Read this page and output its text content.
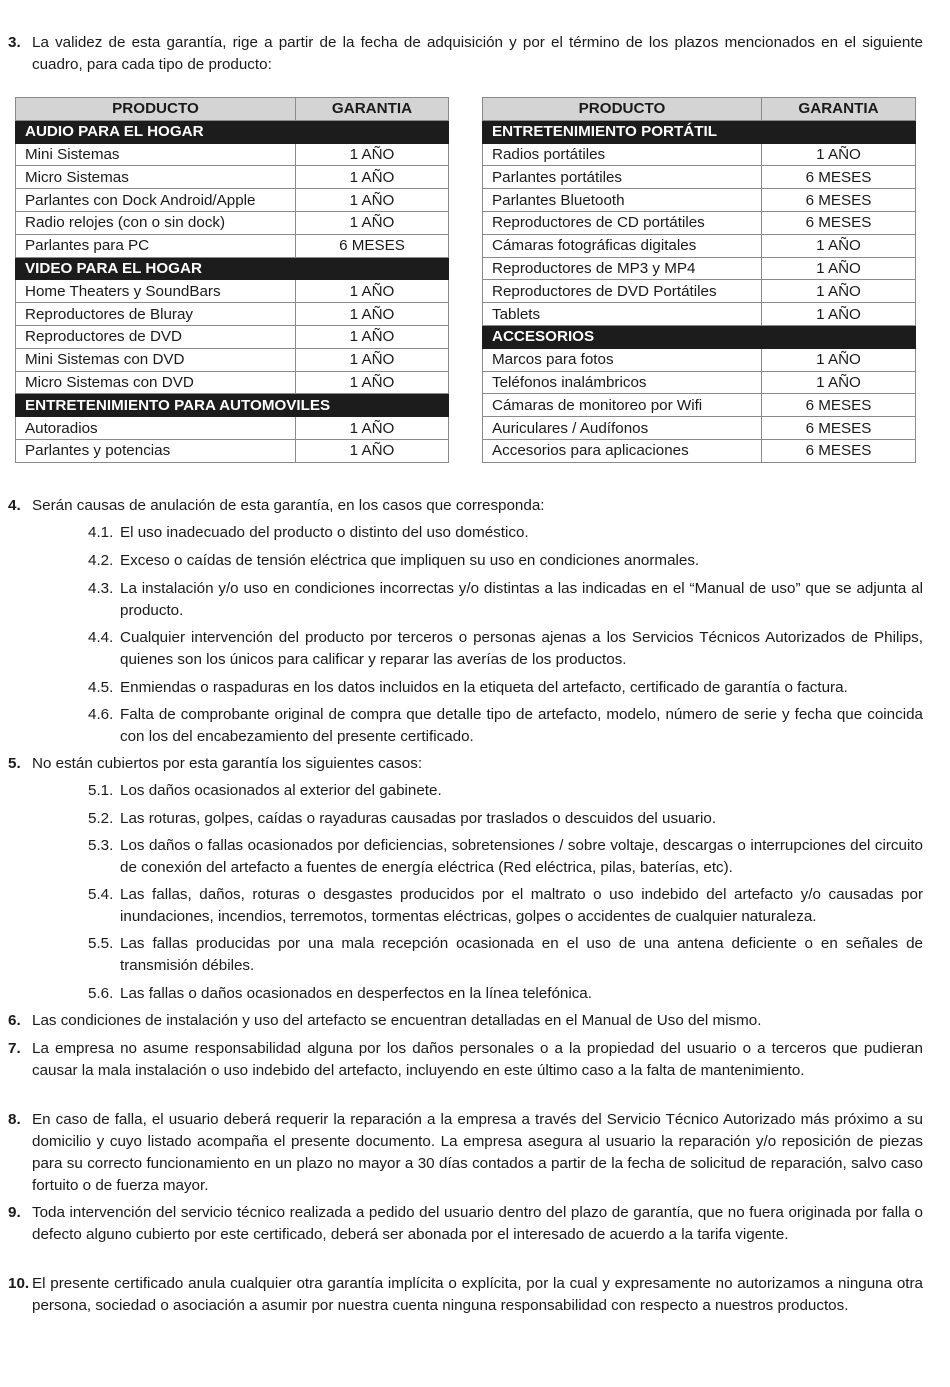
3. La validez de esta garantía, rige a partir de la fecha de adquisición y por el término de los plazos mencionados en el siguiente cuadro, para cada tipo de producto:
PRODUCTO	GARANTIA
AUDIO PARA EL HOGAR	
Mini Sistemas	1 AÑO
Micro Sistemas	1 AÑO
Parlantes con Dock Android/Apple	1 AÑO
Radio relojes (con o sin dock)	1 AÑO
Parlantes para PC	6 MESES
VIDEO PARA EL HOGAR	
Home Theaters y SoundBars	1 AÑO
Reproductores de Bluray	1 AÑO
Reproductores de DVD	1 AÑO
Mini Sistemas con DVD	1 AÑO
Micro Sistemas con DVD	1 AÑO
ENTRETENIMIENTO PARA AUTOMOVILES	
Autoradios	1 AÑO
Parlantes y potencias	1 AÑO
PRODUCTO	GARANTIA
ENTRETENIMIENTO PORTÁTIL	
Radios portátiles	1 AÑO
Parlantes portátiles	6 MESES
Parlantes Bluetooth	6 MESES
Reproductores de CD portátiles	6 MESES
Cámaras fotográficas digitales	1 AÑO
Reproductores de MP3 y MP4	1 AÑO
Reproductores de DVD Portátiles	1 AÑO
Tablets	1 AÑO
ACCESORIOS	
Marcos para fotos	1 AÑO
Teléfonos inalámbricos	1 AÑO
Cámaras de monitoreo por Wifi	6 MESES
Auriculares / Audífonos	6 MESES
Accesorios para aplicaciones	6 MESES
4. Serán causas de anulación de esta garantía, en los casos que corresponda:
4.1. El uso inadecuado del producto o distinto del uso doméstico.
4.2. Exceso o caídas de tensión eléctrica que impliquen su uso en condiciones anormales.
4.3. La instalación y/o uso en condiciones incorrectas y/o distintas a las indicadas en el “Manual de uso” que se adjunta al producto.
4.4. Cualquier intervención del producto por terceros o personas ajenas a los Servicios Técnicos Autorizados de Philips, quienes son los únicos para calificar y reparar las averías de los productos.
4.5. Enmiendas o raspaduras en los datos incluidos en la etiqueta del artefacto, certificado de garantía o factura.
4.6. Falta de comprobante original de compra que detalle tipo de artefacto, modelo, número de serie y fecha que coincida con los del encabezamiento del presente certificado.
5. No están cubiertos por esta garantía los siguientes casos:
5.1. Los daños ocasionados al exterior del gabinete.
5.2. Las roturas, golpes, caídas o rayaduras causadas por traslados o descuidos del usuario.
5.3. Los daños o fallas ocasionados por deficiencias, sobretensiones / sobre voltaje, descargas o interrupciones del circuito de conexión del artefacto a fuentes de energía eléctrica (Red eléctrica, pilas, baterías, etc).
5.4. Las fallas, daños, roturas o desgastes producidos por el maltrato o uso indebido del artefacto y/o causadas por inundaciones, incendios, terremotos, tormentas eléctricas, golpes o accidentes de cualquier naturaleza.
5.5. Las fallas producidas por una mala recepción ocasionada en el uso de una antena deficiente o en señales de transmisión débiles.
5.6. Las fallas o daños ocasionados en desperfectos en la línea telefónica.
6. Las condiciones de instalación y uso del artefacto se encuentran detalladas en el Manual de Uso del mismo.
7. La empresa no asume responsabilidad alguna por los daños personales o a la propiedad del usuario o a terceros que pudieran causar la mala instalación o uso indebido del artefacto, incluyendo en este último caso a la falta de mantenimiento.
8. En caso de falla, el usuario deberá requerir la reparación a la empresa a través del Servicio Técnico Autorizado más próximo a su domicilio y cuyo listado acompaña el presente documento. La empresa asegura al usuario la reparación y/o reposición de piezas para su correcto funcionamiento en un plazo no mayor a 30 días contados a partir de la fecha de solicitud de reparación, salvo caso fortuito o de fuerza mayor.
9. Toda intervención del servicio técnico realizada a pedido del usuario dentro del plazo de garantía, que no fuera originada por falla o defecto alguno cubierto por este certificado, deberá ser abonada por el interesado de acuerdo a la tarifa vigente.
10. El presente certificado anula cualquier otra garantía implícita o explícita, por la cual y expresamente no autorizamos a ninguna otra persona, sociedad o asociación a asumir por nuestra cuenta ninguna responsabilidad con respecto a nuestros productos.
